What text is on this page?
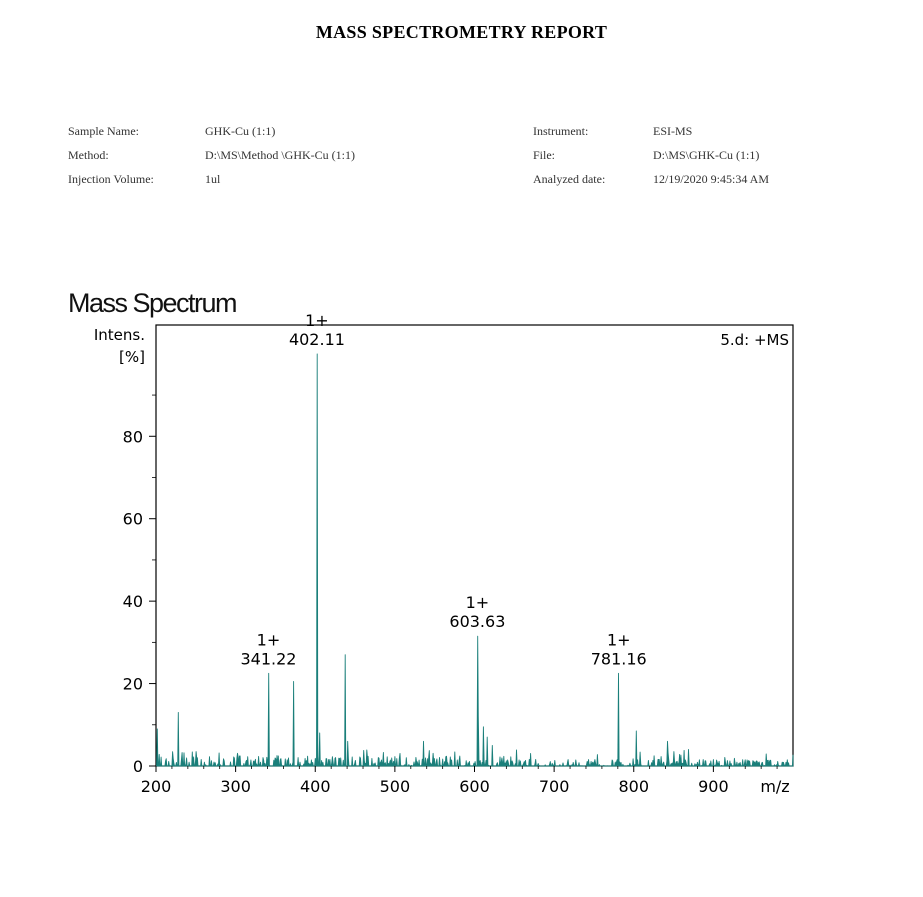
MASS SPECTROMETRY REPORT
Sample Name:	GHK-Cu (1:1)
Method:	D:\MS\Method \GHK-Cu (1:1)
Injection Volume:	1ul
Instrument:	ESI-MS
File:	D:\MS\GHK-Cu (1:1)
Analyzed date:	12/19/2020 9:45:34 AM
Mass Spectrum
200	300	400	500	600	700	800	900
0
20
40
60
80
1+
402.11
1+
341.22
1+
603.63
1+
781.16
Intens.
[%]
5.d: +MS
m/z
